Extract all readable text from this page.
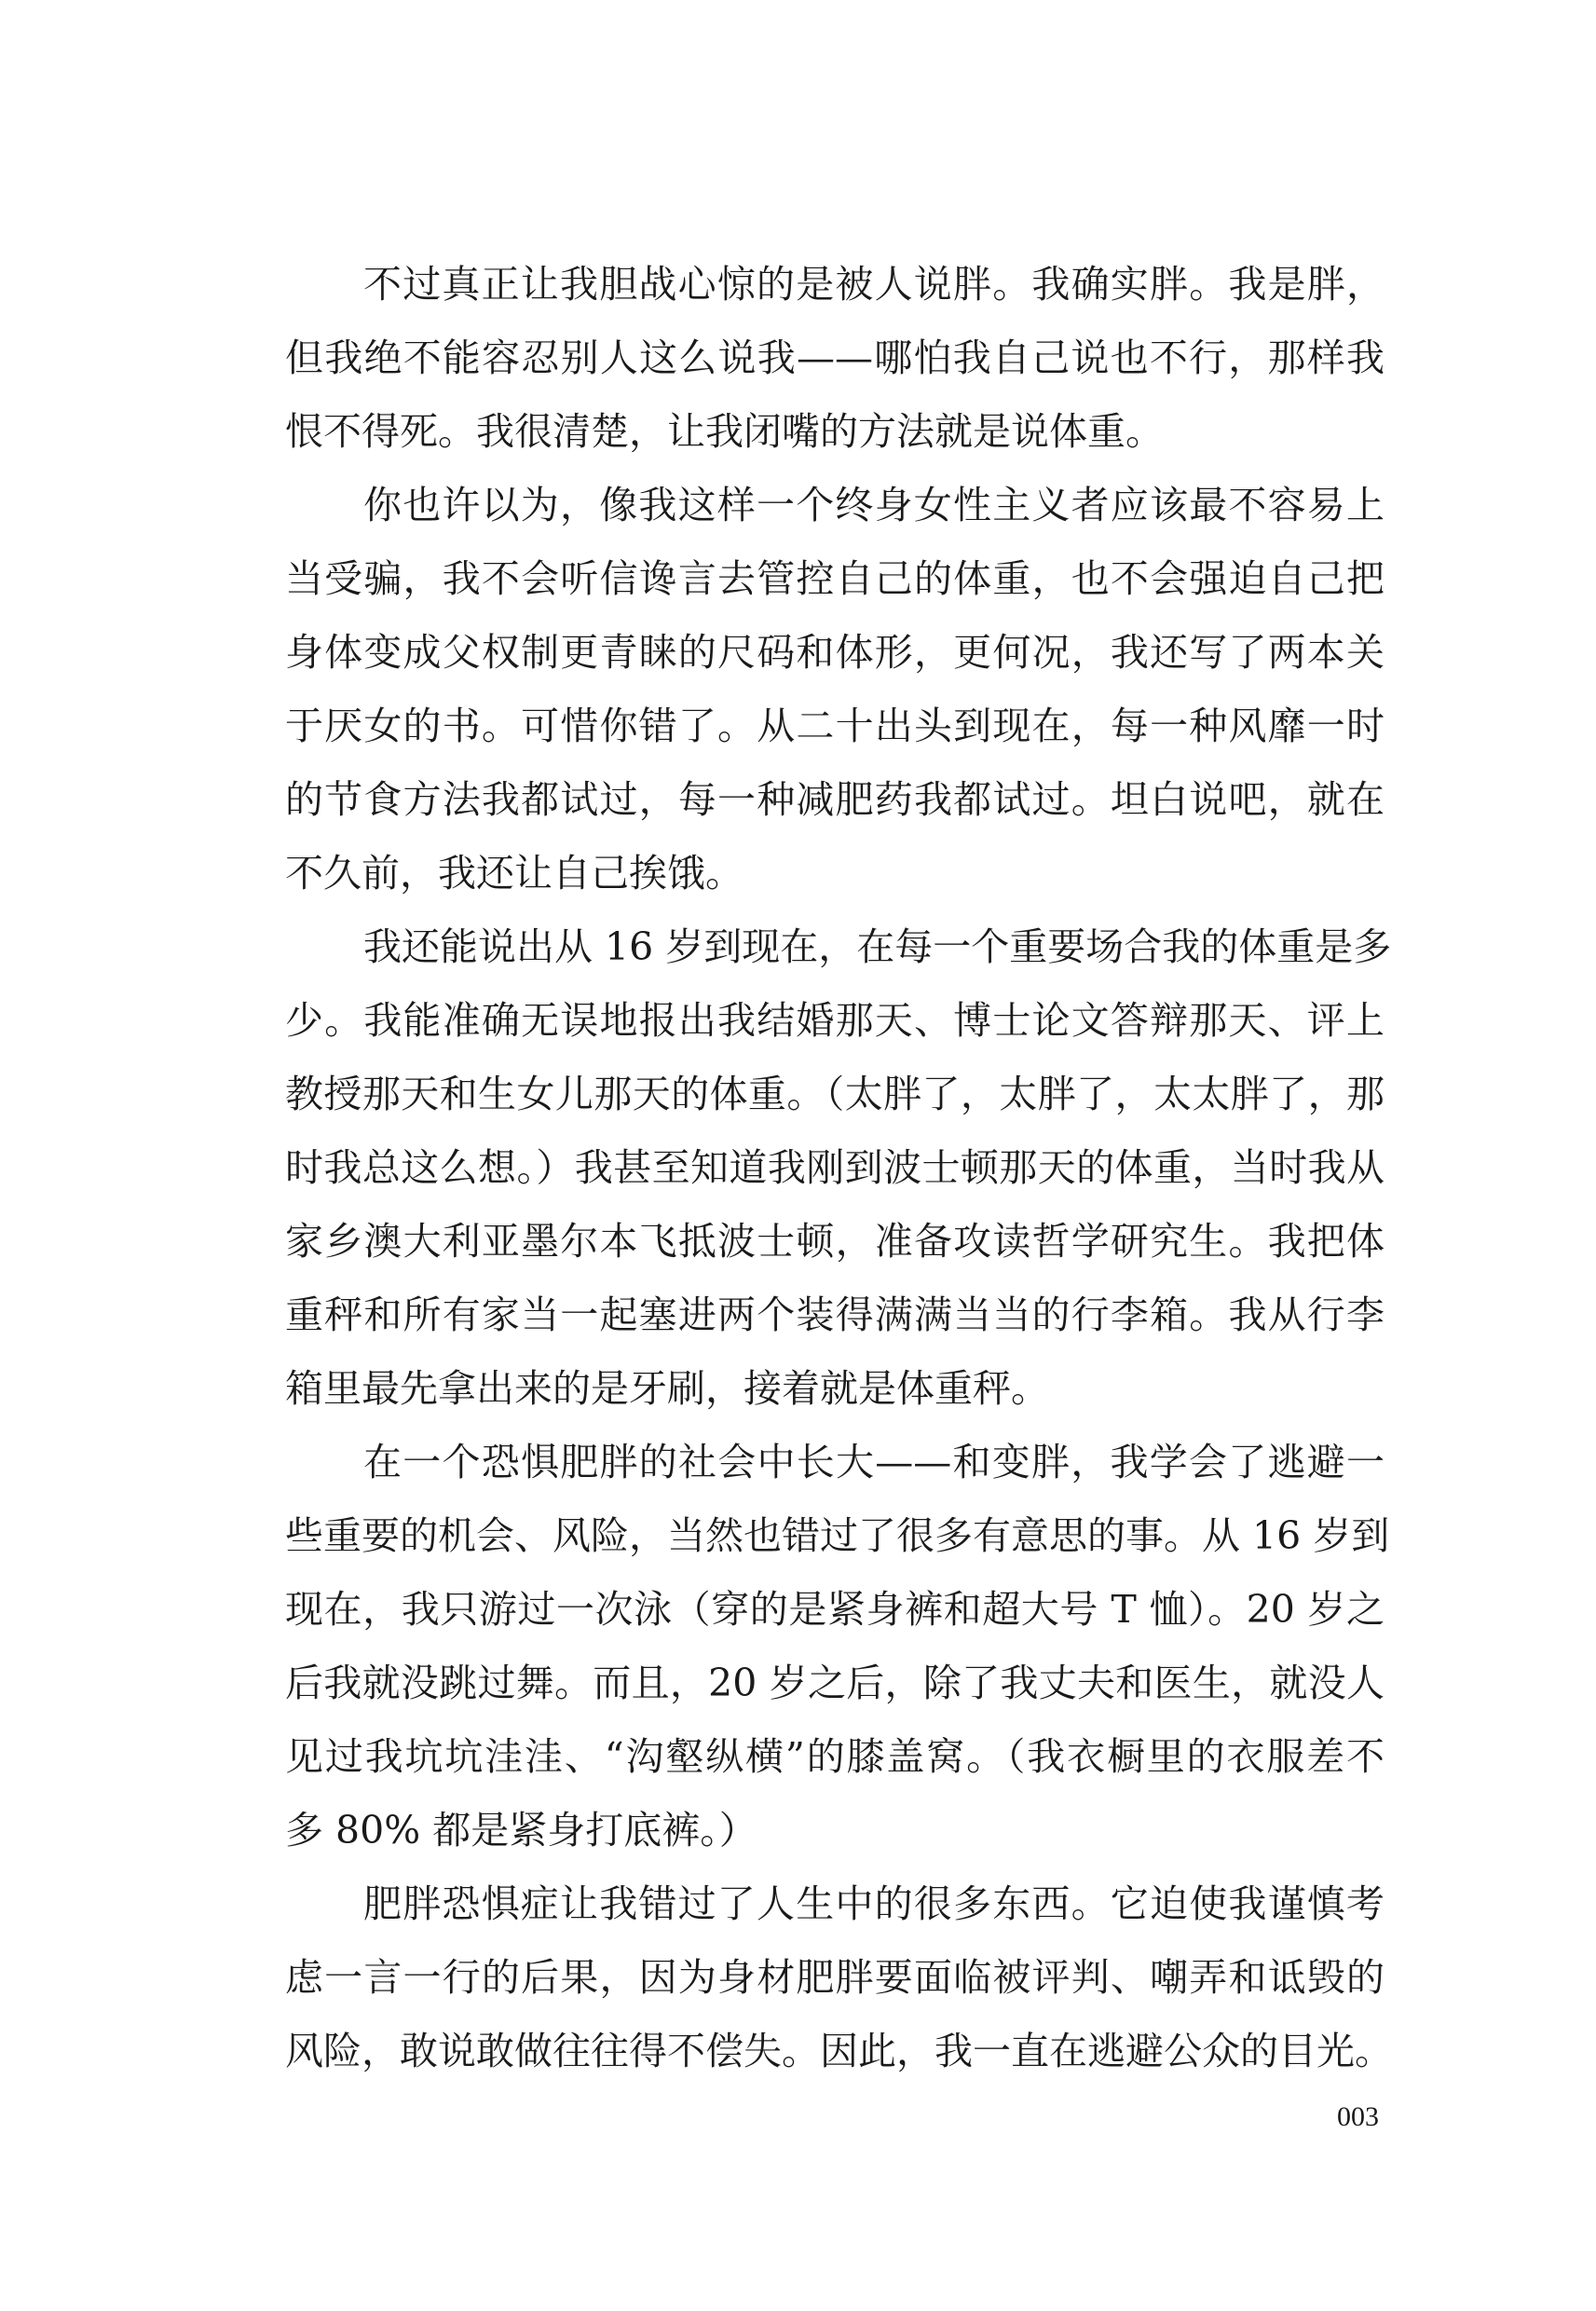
不过真正让我胆战心惊的是被人说胖。我确实胖。我是胖，
但我绝不能容忍别人这么说我——哪怕我自己说也不行，那样我
恨不得死。我很清楚，让我闭嘴的方法就是说体重。
你也许以为，像我这样一个终身女性主义者应该最不容易上
当受骗，我不会听信谗言去管控自己的体重，也不会强迫自己把
身体变成父权制更青睐的尺码和体形，更何况，我还写了两本关
于厌女的书。可惜你错了。从二十出头到现在，每一种风靡一时
的节食方法我都试过，每一种减肥药我都试过。坦白说吧，就在
不久前，我还让自己挨饿。
我还能说出从 16 岁到现在，在每一个重要场合我的体重是多
少。我能准确无误地报出我结婚那天、博士论文答辩那天、评上
教授那天和生女儿那天的体重。（太胖了，太胖了，太太胖了，那
时我总这么想。）我甚至知道我刚到波士顿那天的体重，当时我从
家乡澳大利亚墨尔本飞抵波士顿，准备攻读哲学研究生。我把体
重秤和所有家当一起塞进两个装得满满当当的行李箱。我从行李
箱里最先拿出来的是牙刷，接着就是体重秤。
在一个恐惧肥胖的社会中长大——和变胖，我学会了逃避一
些重要的机会、风险，当然也错过了很多有意思的事。从 16 岁到
现在，我只游过一次泳（穿的是紧身裤和超大号 T 恤）。20 岁之
后我就没跳过舞。而且，20 岁之后，除了我丈夫和医生，就没人
见过我坑坑洼洼、“沟壑纵横”的膝盖窝。（我衣橱里的衣服差不
多 80% 都是紧身打底裤。）
肥胖恐惧症让我错过了人生中的很多东西。它迫使我谨慎考
虑一言一行的后果，因为身材肥胖要面临被评判、嘲弄和诋毁的
风险，敢说敢做往往得不偿失。因此，我一直在逃避公众的目光。
003
